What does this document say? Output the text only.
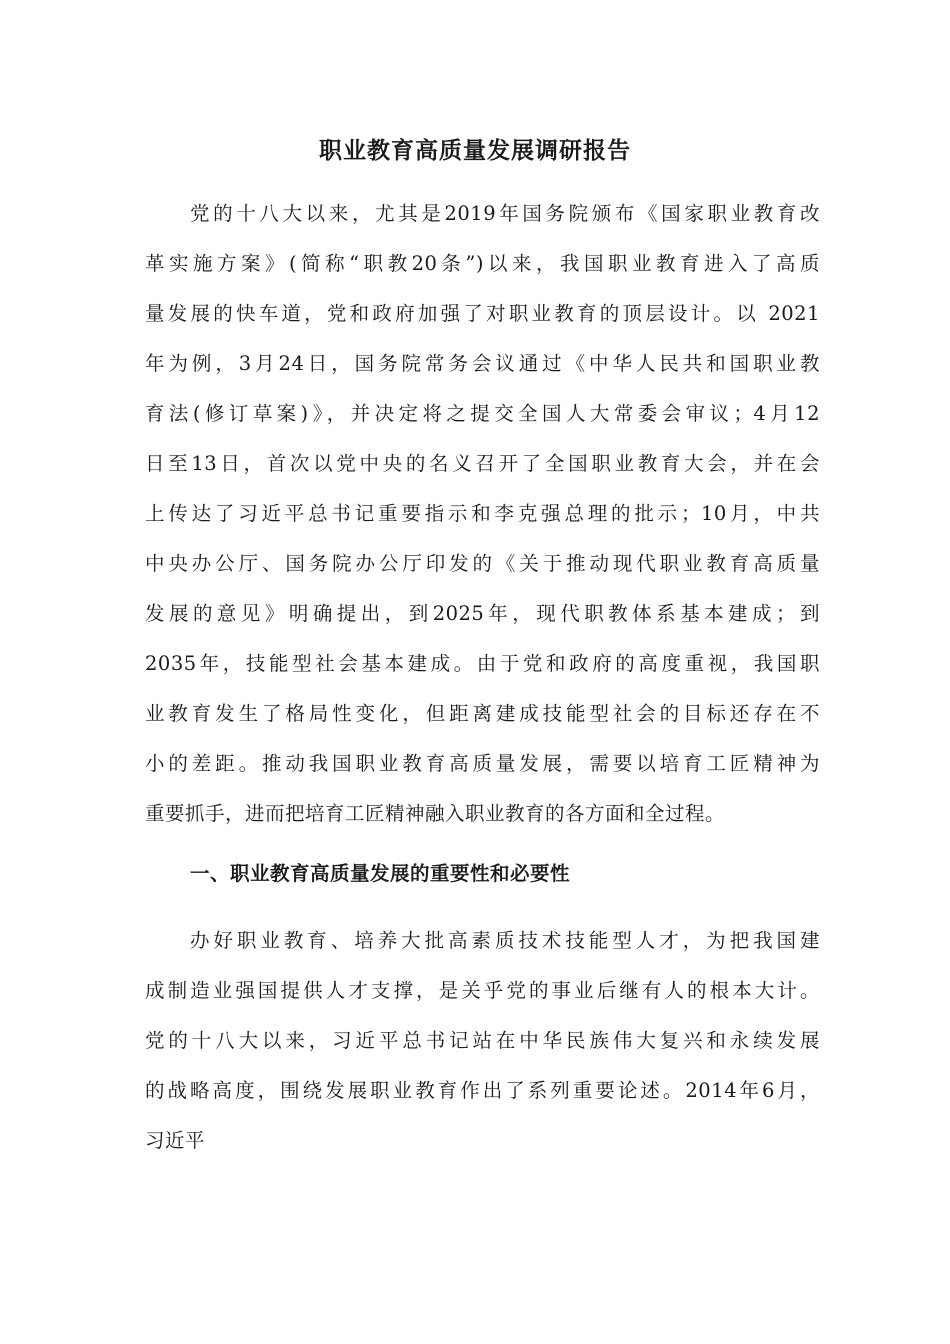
职业教育高质量发展调研报告
党的十八大以来，尤其是2019年国务院颁布《国家职业教育改
革实施方案》(简称“职教20条”)以来，我国职业教育进入了高质
量发展的快车道，党和政府加强了对职业教育的顶层设计。以 2021
年为例，3月24日，国务院常务会议通过《中华人民共和国职业教
育法(修订草案)》，并决定将之提交全国人大常委会审议；4月12
日至13日，首次以党中央的名义召开了全国职业教育大会，并在会
上传达了习近平总书记重要指示和李克强总理的批示；10月，中共
中央办公厅、国务院办公厅印发的《关于推动现代职业教育高质量
发展的意见》明确提出，到2025年，现代职教体系基本建成；到
2035年，技能型社会基本建成。由于党和政府的高度重视，我国职
业教育发生了格局性变化，但距离建成技能型社会的目标还存在不
小的差距。推动我国职业教育高质量发展，需要以培育工匠精神为
重要抓手，进而把培育工匠精神融入职业教育的各方面和全过程。
一、职业教育高质量发展的重要性和必要性
办好职业教育、培养大批高素质技术技能型人才，为把我国建
成制造业强国提供人才支撑，是关乎党的事业后继有人的根本大计。
党的十八大以来，习近平总书记站在中华民族伟大复兴和永续发展
的战略高度，围绕发展职业教育作出了系列重要论述。2014年6月，
习近平
